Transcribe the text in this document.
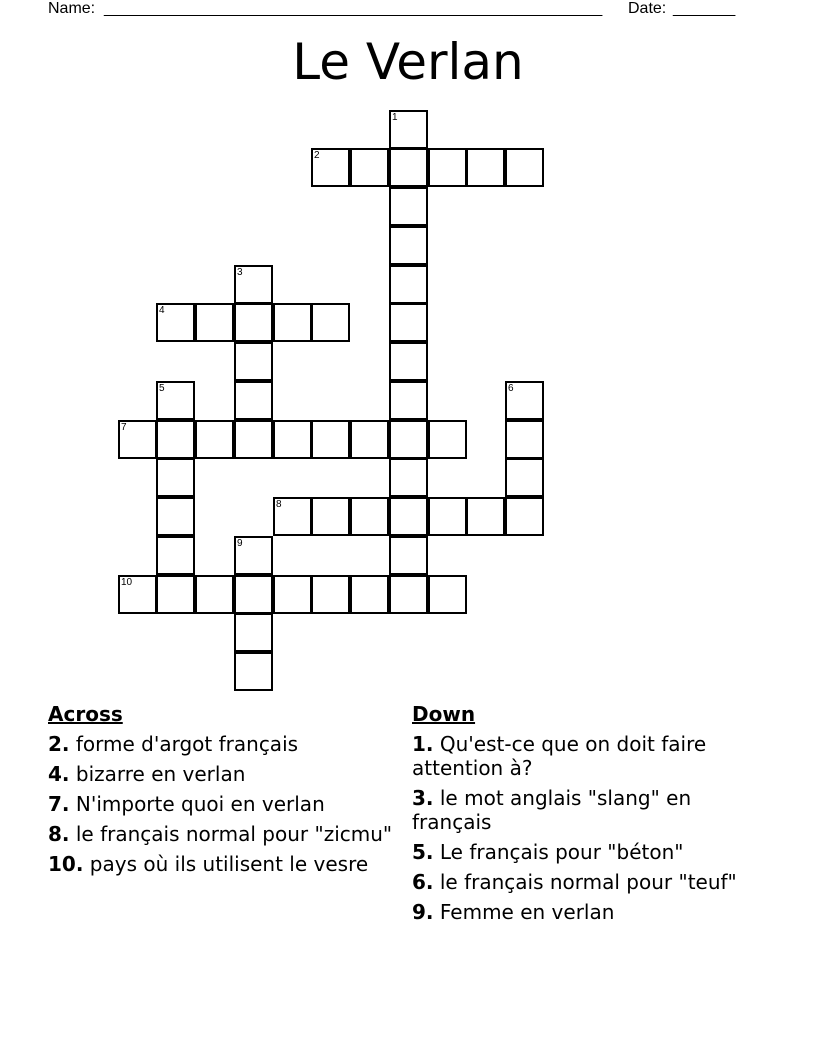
Name: ________________________________________________________ Date: _______
Le Verlan
1
2
3
4
5	6
7
8
9
10
Across
2. forme d'argot français
4. bizarre en verlan
7. N'importe quoi en verlan
8. le français normal pour "zicmu"
10. pays où ils utilisent le vesre
Down
1. Qu'est-ce que on doit faire attention à?
3. le mot anglais "slang" en français
5. Le français pour "béton"
6. le français normal pour "teuf"
9. Femme en verlan
